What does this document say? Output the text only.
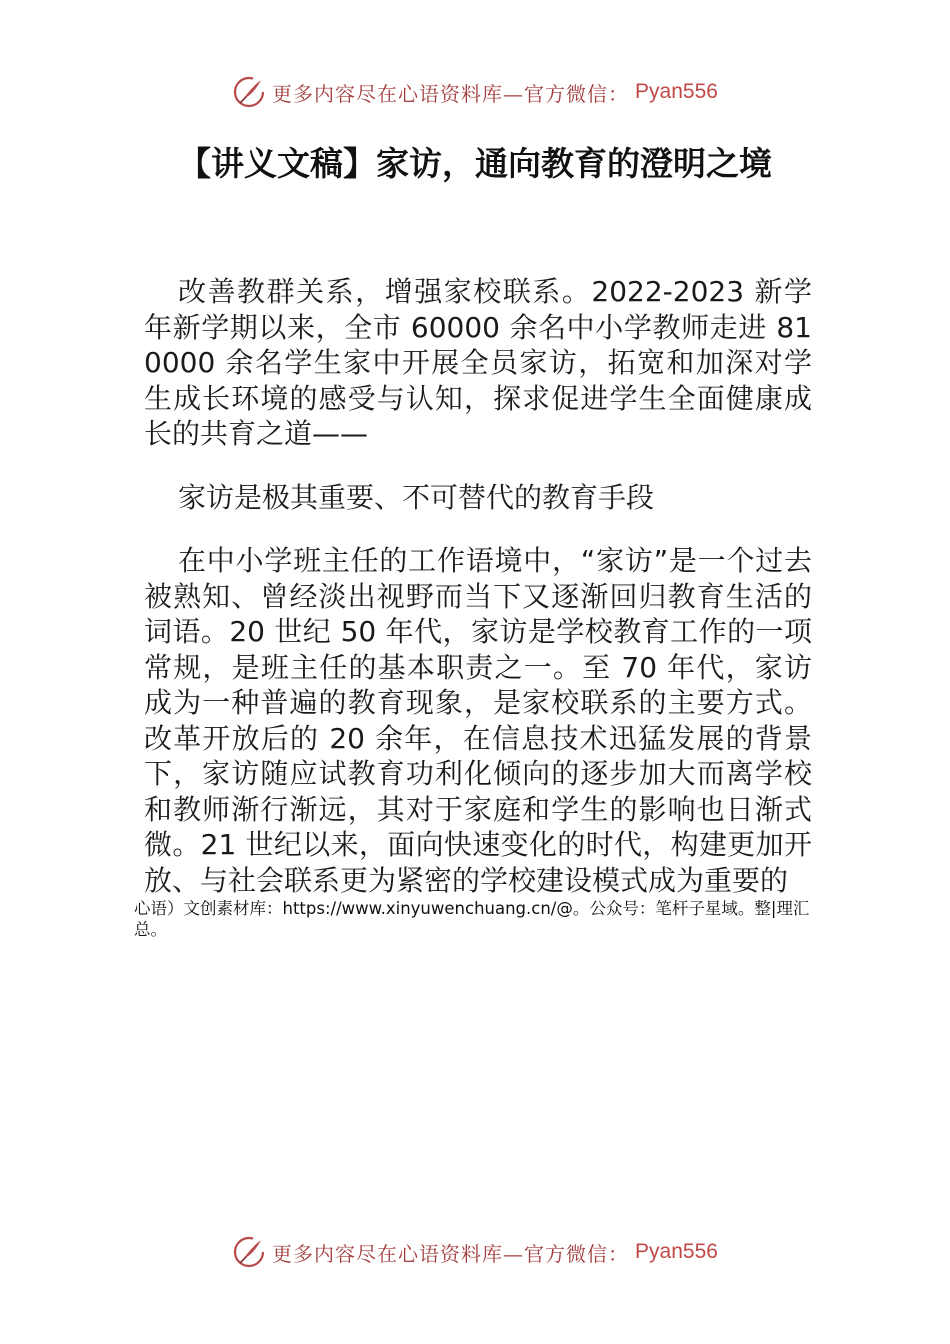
更多内容尽在心语资料库—官方微信： Pyan556
【讲义文稿】家访，通向教育的澄明之境

改善教群关系，增强家校联系。2022-2023 新学年新学期以来，全市 60000 余名中小学教师走进 810000 余名学生家中开展全员家访，拓宽和加深对学生成长环境的感受与认知，探求促进学生全面健康成长的共育之道——

家访是极其重要、不可替代的教育手段

在中小学班主任的工作语境中，“家访”是一个过去被熟知、曾经淡出视野而当下又逐渐回归教育生活的词语。20 世纪 50 年代，家访是学校教育工作的一项常规，是班主任的基本职责之一。至 70 年代，家访成为一种普遍的教育现象，是家校联系的主要方式。改革开放后的 20 余年，在信息技术迅猛发展的背景下，家访随应试教育功利化倾向的逐步加大而离学校和教师渐行渐远，其对于家庭和学生的影响也日渐式微。21 世纪以来，面向快速变化的时代，构建更加开放、与社会联系更为紧密的学校建设模式成为重要的

心语）文创素材库：https://www.xinyuwenchuang.cn/@。公众号：笔杆子星域。整|理汇总。
更多内容尽在心语资料库—官方微信： Pyan556
